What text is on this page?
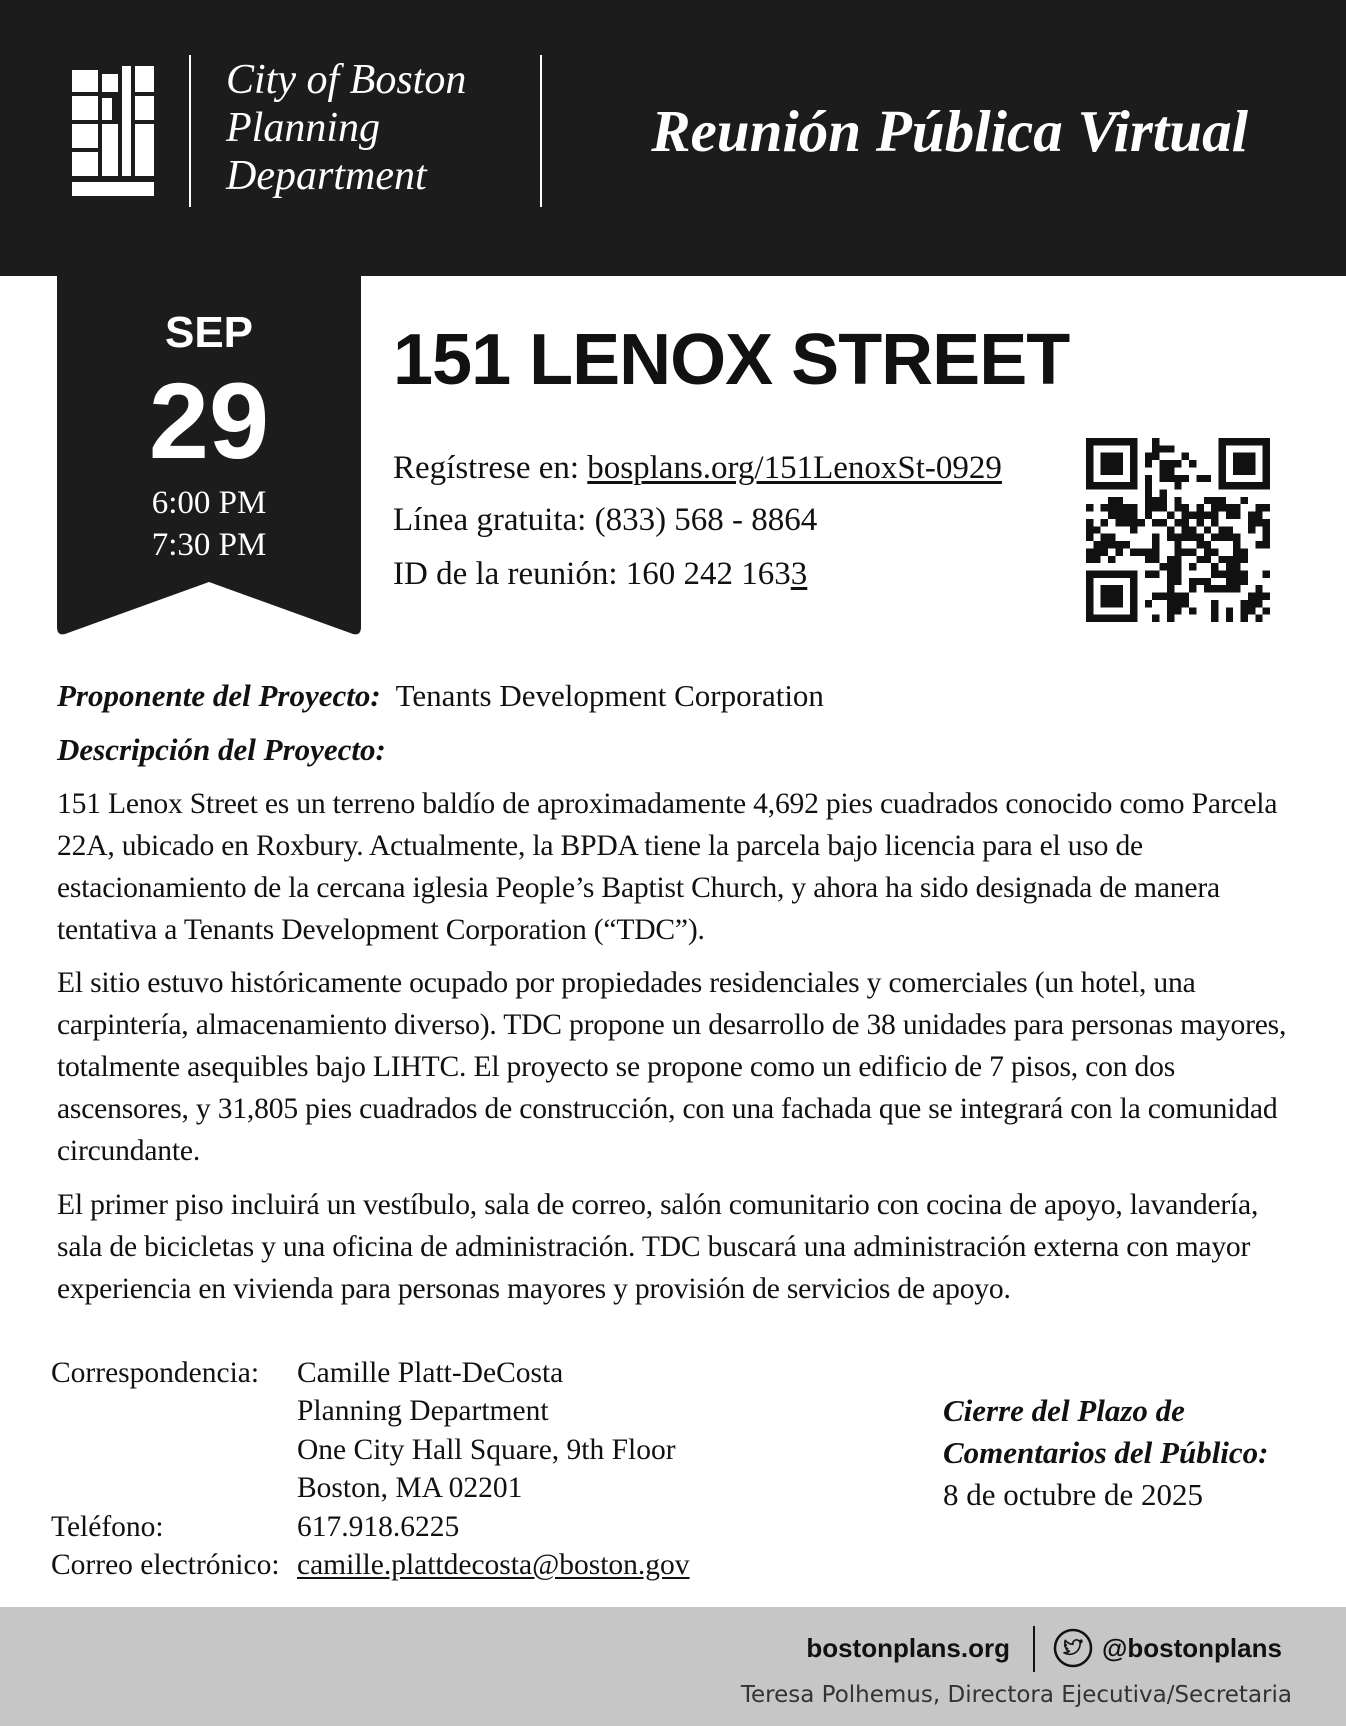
City of Boston
Planning
Department
Reunión Pública Virtual
SEP
29
6:00 PM
7:30 PM
151 LENOX STREET
Regístrese en: bosplans.org/151LenoxSt-0929
Línea gratuita: (833) 568 - 8864
ID de la reunión: 160 242 1633
Proponente del Proyecto: Tenants Development Corporation
Descripción del Proyecto:

151 Lenox Street es un terreno baldío de aproximadamente 4,692 pies cuadrados conocido como Parcela 22A, ubicado en Roxbury. Actualmente, la BPDA tiene la parcela bajo licencia para el uso de estacionamiento de la cercana iglesia People’s Baptist Church, y ahora ha sido designada de manera tentativa a Tenants Development Corporation (“TDC”).

El sitio estuvo históricamente ocupado por propiedades residenciales y comerciales (un hotel, una carpintería, almacenamiento diverso). TDC propone un desarrollo de 38 unidades para personas mayores, totalmente asequibles bajo LIHTC. El proyecto se propone como un edificio de 7 pisos, con dos ascensores, y 31,805 pies cuadrados de construcción, con una fachada que se integrará con la comunidad circundante.

El primer piso incluirá un vestíbulo, sala de correo, salón comunitario con cocina de apoyo, lavandería, sala de bicicletas y una oficina de administración. TDC buscará una administración externa con mayor experiencia en vivienda para personas mayores y provisión de servicios de apoyo.

Correspondencia: Camille Platt-DeCosta
Planning Department
One City Hall Square, 9th Floor
Boston, MA 02201
Teléfono:	617.918.6225
Correo electrónico: camille.plattdecosta@boston.gov
Cierre del Plazo de
Comentarios del Público:
8 de octubre de 2025
bostonplans.org	@bostonplans
Teresa Polhemus, Directora Ejecutiva/Secretaria
